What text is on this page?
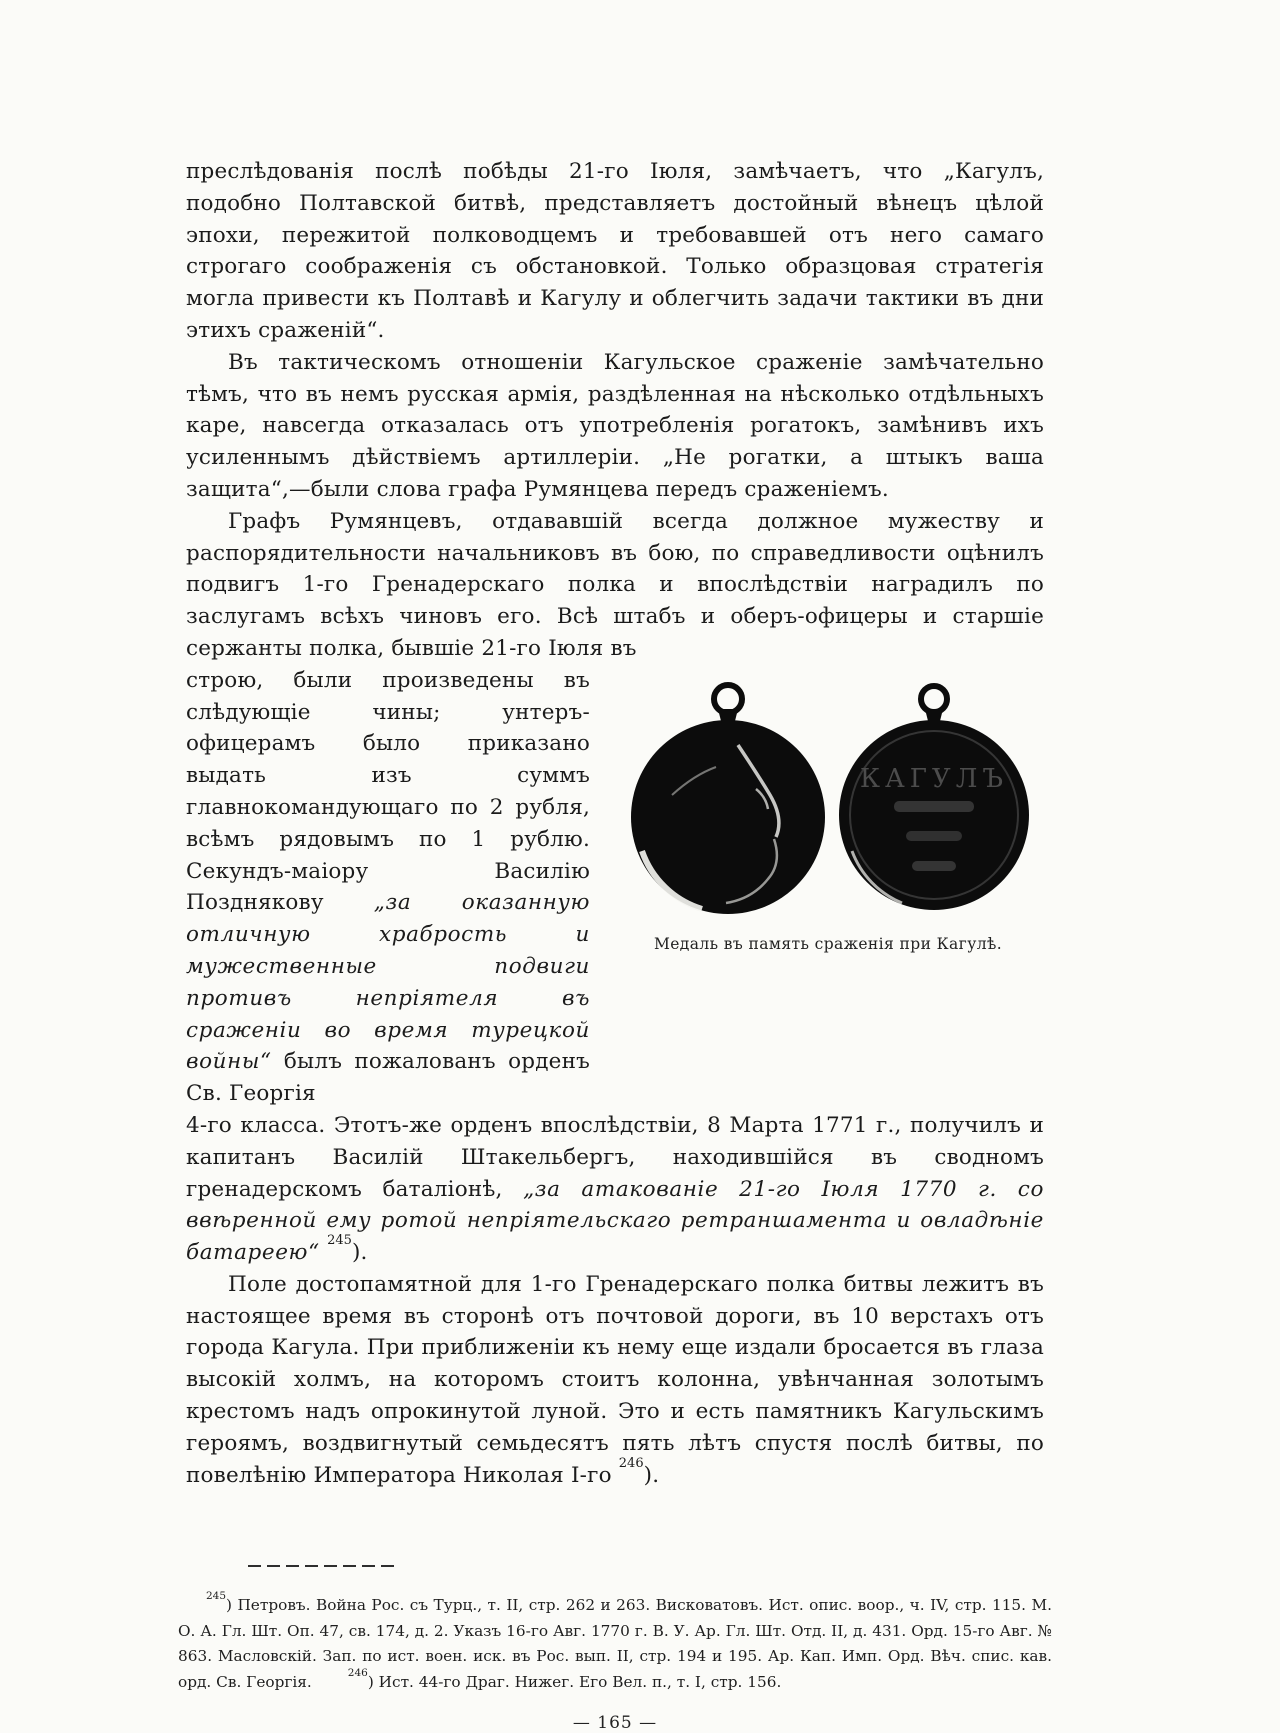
преслѣдованія послѣ побѣды 21-го Іюля, замѣчаетъ, что „Кагулъ, подобно Полтавской битвѣ, представляетъ достойный вѣнецъ цѣлой эпохи, пережитой полководцемъ и требовавшей отъ него самаго строгаго соображенія съ обстановкой. Только образцовая стратегія могла привести къ Полтавѣ и Кагулу и облегчить задачи тактики въ дни этихъ сраженій“.

Въ тактическомъ отношеніи Кагульское сраженіе замѣчательно тѣмъ, что въ немъ русская армія, раздѣленная на нѣсколько отдѣльныхъ каре, навсегда отказалась отъ употребленія рогатокъ, замѣнивъ ихъ усиленнымъ дѣйствіемъ артиллеріи. „Не рогатки, а штыкъ ваша защита“,—были слова графа Румянцева передъ сраженіемъ.

Графъ Румянцевъ, отдававшій всегда должное мужеству и распорядительности начальниковъ въ бою, по справедливости оцѣнилъ подвигъ 1-го Гренадерскаго полка и впослѣдствіи наградилъ по заслугамъ всѣхъ чиновъ его. Всѣ штабъ и оберъ-офицеры и старшіе сержанты полка, бывшіе 21-го Іюля въ

строю, были произведены въ слѣдующіе чины; унтеръ-офицерамъ было приказано выдать изъ суммъ главнокомандующаго по 2 рубля, всѣмъ рядовымъ по 1 рублю. Секундъ-маіору Василію Позднякову „за оказанную отличную храбрость и мужественные подвиги противъ непріятеля въ сраженіи во время турецкой войны“ былъ пожалованъ орденъ Св. Георгія

КАГУЛЪ
Медаль въ память сраженія при Кагулѣ.

4-го класса. Этотъ-же орденъ впослѣдствіи, 8 Марта 1771 г., получилъ и капитанъ Василій Штакельбергъ, находившійся въ сводномъ гренадерскомъ баталіонѣ, „за атакованіе 21-го Іюля 1770 г. со ввѣренной ему ротой непріятельскаго ретраншамента и овладѣніе батареею“ $^{245}$).

Поле достопамятной для 1-го Гренадерскаго полка битвы лежитъ въ настоящее время въ сторонѣ отъ почтовой дороги, въ 10 верстахъ отъ города Кагула. При приближеніи къ нему еще издали бросается въ глаза высокій холмъ, на которомъ стоитъ колонна, увѣнчанная золотымъ крестомъ надъ опрокинутой луной. Это и есть памятникъ Кагульскимъ героямъ, воздвигнутый семьдесятъ пять лѣтъ спустя послѣ битвы, по повелѣнію Императора Николая I-го $^{246}$).

$^{245}$) Петровъ. Война Рос. съ Турц., т. II, стр. 262 и 263. Висковатовъ. Ист. опис. воор., ч. IV, стр. 115. М. О. А. Гл. Шт. Оп. 47, св. 174, д. 2. Указъ 16-го Авг. 1770 г. В. У. Ар. Гл. Шт. Отд. II, д. 431. Орд. 15-го Авг. № 863. Масловскій. Зап. по ист. воен. иск. въ Рос. вып. II, стр. 194 и 195. Ар. Кап. Имп. Орд. Вѣч. спис. кав. орд. Св. Георгія.$^{246}$) Ист. 44-го Драг. Нижег. Его Вел. п., т. I, стр. 156.

— 165 —
